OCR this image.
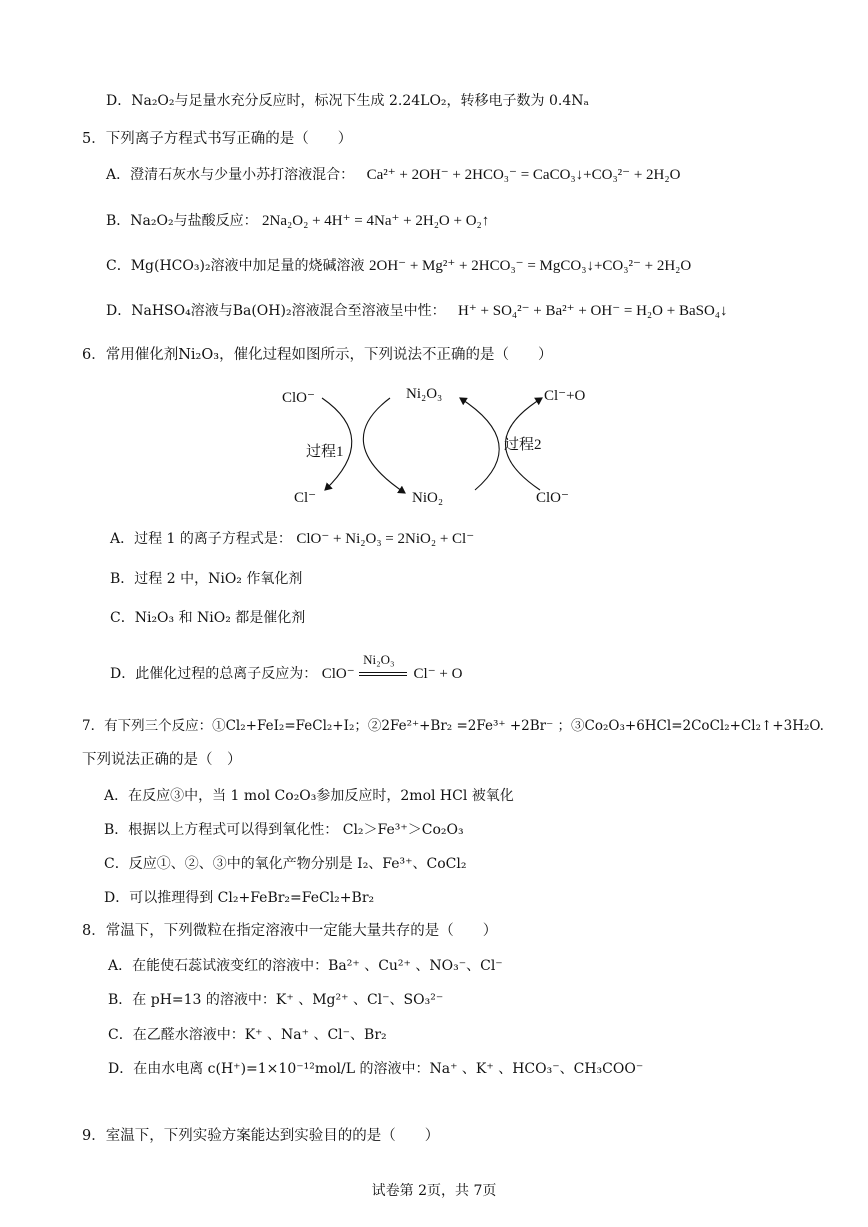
D．Na₂O₂与足量水充分反应时，标况下生成 2.24LO₂，转移电子数为 0.4Nₐ
5．下列离子方程式书写正确的是（　　）
A．澄清石灰水与少量小苏打溶液混合： Ca²⁺ + 2OH⁻ + 2HCO₃⁻ = CaCO₃↓+CO₃²⁻ + 2H₂O
B．Na₂O₂与盐酸反应： 2Na₂O₂ + 4H⁺ = 4Na⁺ + 2H₂O + O₂↑
C．Mg(HCO₃)₂溶液中加足量的烧碱溶液 2OH⁻ + Mg²⁺ + 2HCO₃⁻ = MgCO₃↓+CO₃²⁻ + 2H₂O
D．NaHSO₄溶液与Ba(OH)₂溶液混合至溶液呈中性： H⁺ + SO₄²⁻ + Ba²⁺ + OH⁻ = H₂O + BaSO₄↓
6．常用催化剂Ni₂O₃，催化过程如图所示，下列说法不正确的是（　　）
ClO⁻	Ni₂O₃	Cl⁻+O
过程1	过程2
Cl⁻	NiO₂	ClO⁻
A．过程 1 的离子方程式是： ClO⁻ + Ni₂O₃ = 2NiO₂ + Cl⁻
B．过程 2 中，NiO₂ 作氧化剂
C．Ni₂O₃ 和 NiO₂ 都是催化剂
D．此催化过程的总离子反应为： ClO⁻
Ni₂O₃
Cl⁻ + O
7．有下列三个反应：①Cl₂+FeI₂=FeCl₂+I₂；②2Fe²⁺+Br₂ =2Fe³⁺ +2Br⁻ ；③Co₂O₃+6HCl=2CoCl₂+Cl₂↑+3H₂O.
下列说法正确的是（　）
A．在反应③中，当 1 mol Co₂O₃参加反应时，2mol HCl 被氧化
B．根据以上方程式可以得到氧化性： Cl₂＞Fe³⁺＞Co₂O₃
C．反应①、②、③中的氧化产物分别是 I₂、Fe³⁺、CoCl₂
D．可以推理得到 Cl₂+FeBr₂=FeCl₂+Br₂
8．常温下，下列微粒在指定溶液中一定能大量共存的是（　　）
A．在能使石蕊试液变红的溶液中：Ba²⁺ 、Cu²⁺ 、NO₃⁻、Cl⁻
B．在 pH=13 的溶液中：K⁺ 、Mg²⁺ 、Cl⁻、SO₃²⁻
C．在乙醛水溶液中：K⁺ 、Na⁺ 、Cl⁻、Br₂
D．在由水电离 c(H⁺)=1×10⁻¹²mol/L 的溶液中：Na⁺ 、K⁺ 、HCO₃⁻、CH₃COO⁻
9．室温下，下列实验方案能达到实验目的的是（　　）
试卷第 2页，共 7页
